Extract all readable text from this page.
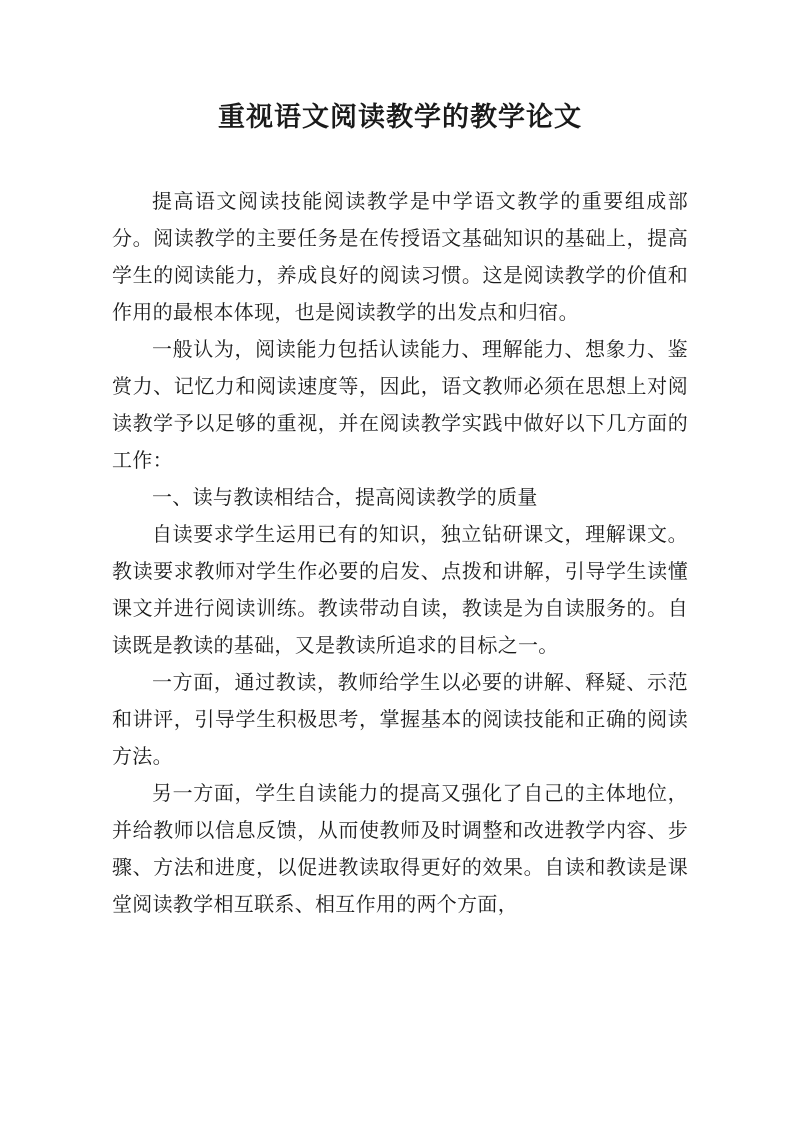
重视语文阅读教学的教学论文

提高语文阅读技能阅读教学是中学语文教学的重要组成部分。阅读教学的主要任务是在传授语文基础知识的基础上，提高学生的阅读能力，养成良好的阅读习惯。这是阅读教学的价值和作用的最根本体现，也是阅读教学的出发点和归宿。

一般认为，阅读能力包括认读能力、理解能力、想象力、鉴赏力、记忆力和阅读速度等，因此，语文教师必须在思想上对阅读教学予以足够的重视，并在阅读教学实践中做好以下几方面的工作：

一、读与教读相结合，提高阅读教学的质量

自读要求学生运用已有的知识，独立钻研课文，理解课文。教读要求教师对学生作必要的启发、点拨和讲解，引导学生读懂课文并进行阅读训练。教读带动自读，教读是为自读服务的。自读既是教读的基础，又是教读所追求的目标之一。

一方面，通过教读，教师给学生以必要的讲解、释疑、示范和讲评，引导学生积极思考，掌握基本的阅读技能和正确的阅读方法。

另一方面，学生自读能力的提高又强化了自己的主体地位，并给教师以信息反馈，从而使教师及时调整和改进教学内容、步骤、方法和进度，以促进教读取得更好的效果。自读和教读是课堂阅读教学相互联系、相互作用的两个方面，
